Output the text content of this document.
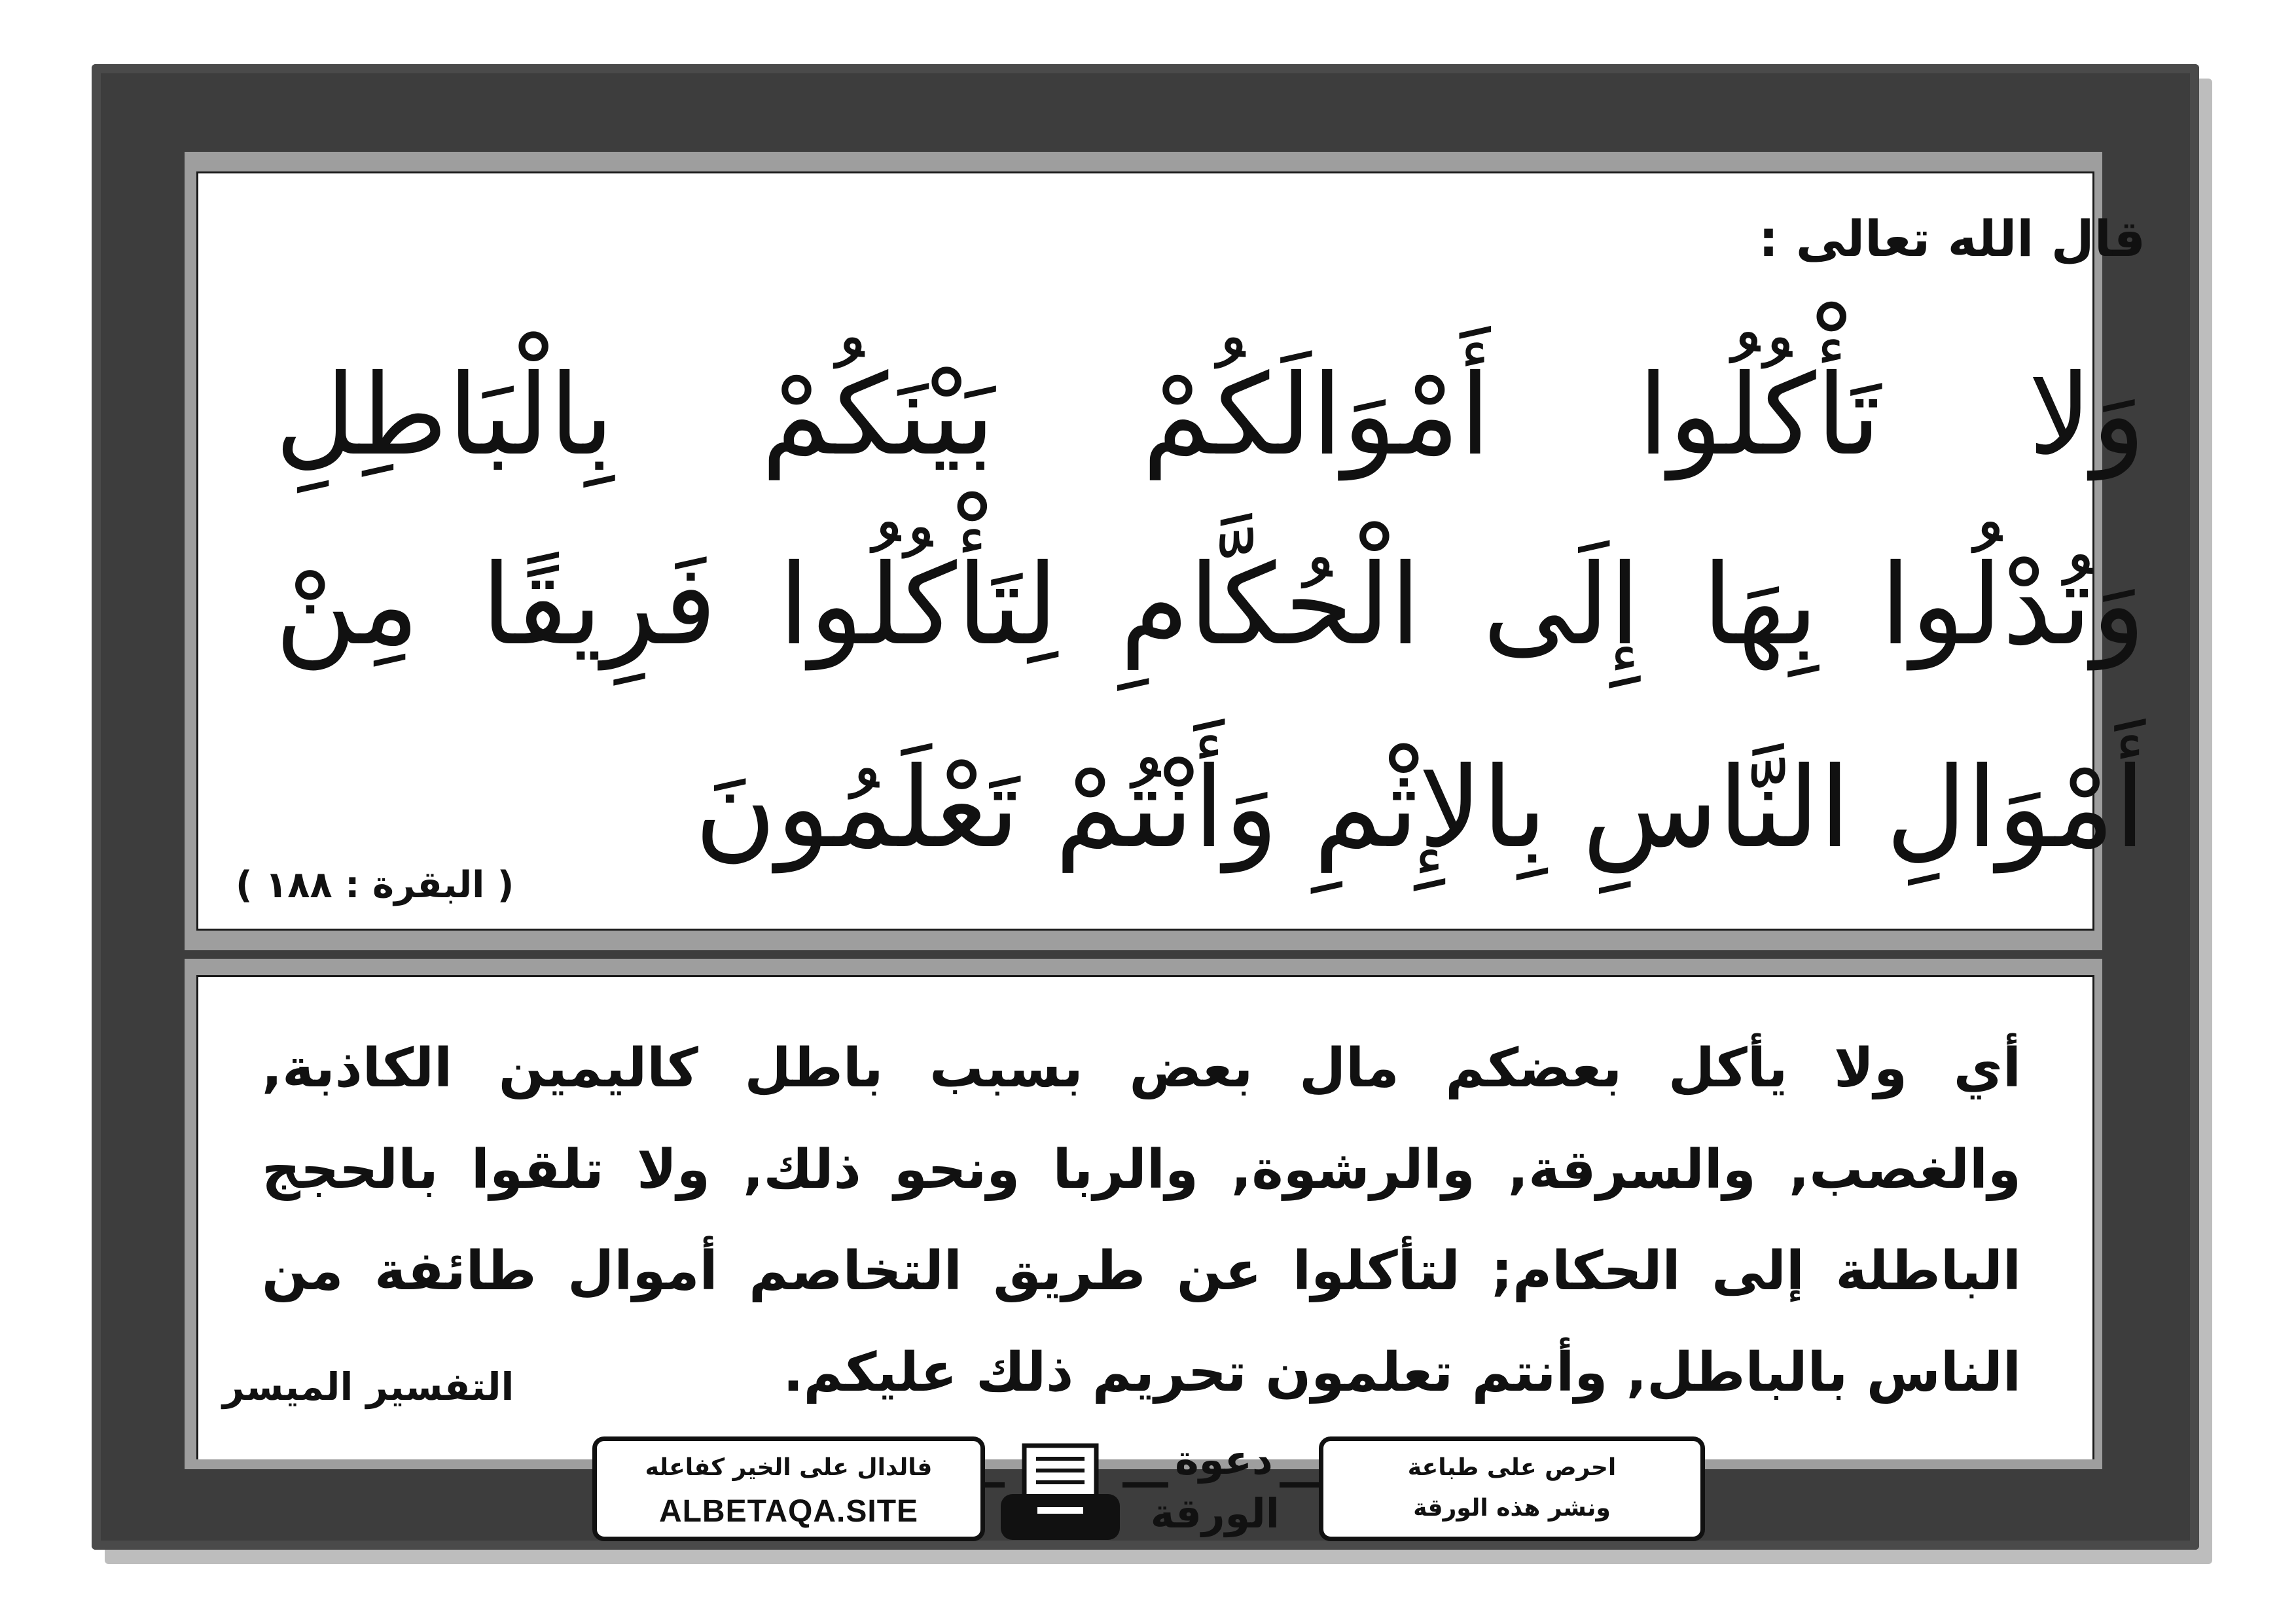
قال الله تعالى :
وَلا تَأْكُلُوا أَمْوَالَكُمْ بَيْنَكُمْ بِالْبَاطِلِ
وَتُدْلُوا بِهَا إِلَى الْحُكَّامِ لِتَأْكُلُوا فَرِيقًا مِنْ
أَمْوَالِ النَّاسِ بِالإِثْمِ وَأَنْتُمْ تَعْلَمُونَ
( البقرة : ١٨٨ )
أي ولا يأكل بعضكم مال بعض بسبب باطل كاليمين الكاذبة, والغصب, والسرقة, والرشوة, والربا ونحو ذلك, ولا تلقوا بالحجج الباطلة إلى الحكام; لتأكلوا عن طريق التخاصم أموال طائفة من الناس بالباطل, وأنتم تعلمون تحريم ذلك عليكم.
التفسير الميسر
فالدال على الخير كفاعله
ALBETAQA.SITE
دعوة
الورقة
احرص على طباعة
ونشر هذه الورقة
